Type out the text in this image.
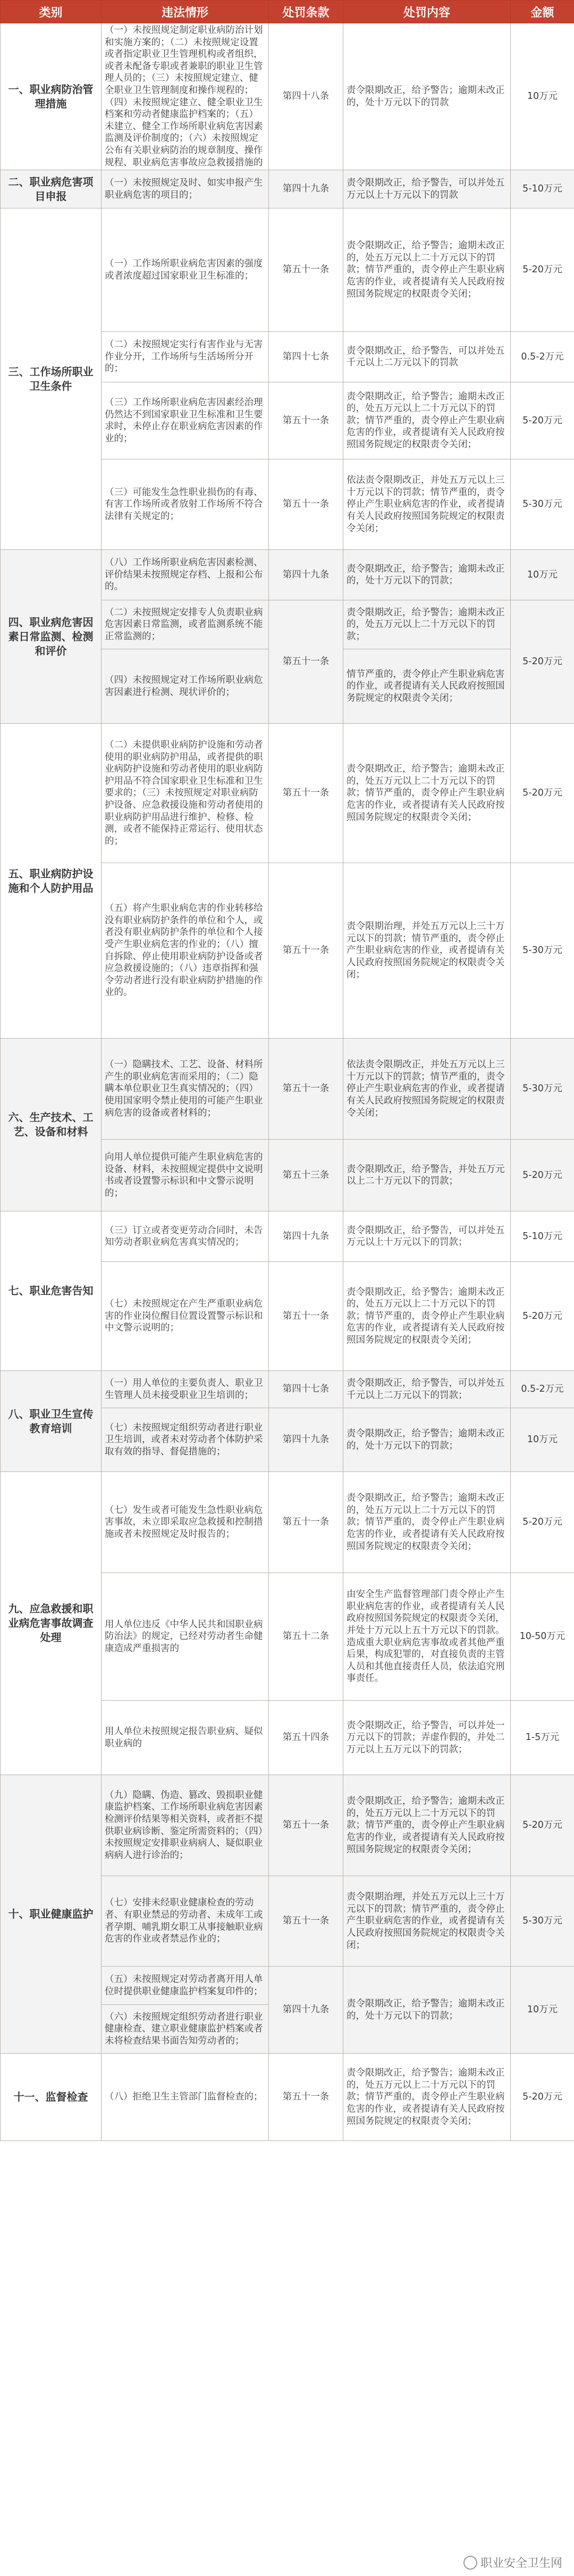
类别	违法情形	处罚条款	处罚内容	金额
一、职业病防治管理措施	（一）未按照规定制定职业病防治计划和实施方案的；（二）未按照规定设置或者指定职业卫生管理机构或者组织，或者未配备专职或者兼职的职业卫生管理人员的；（三）未按照规定建立、健全职业卫生管理制度和操作规程的；（四）未按照规定建立、健全职业卫生档案和劳动者健康监护档案的；（五）未建立、健全工作场所职业病危害因素监测及评价制度的；（六）未按照规定公布有关职业病防治的规章制度、操作规程、职业病危害事故应急救援措施的	第四十八条	责令限期改正，给予警告；逾期未改正的，处十万元以下的罚款	10万元
二、职业病危害项目申报	（一）未按照规定及时、如实申报产生职业病危害的项目的；	第四十九条	责令限期改正，给予警告，可以并处五万元以上十万元以下的罚款	5-10万元
三、工作场所职业卫生条件	（一）工作场所职业病危害因素的强度或者浓度超过国家职业卫生标准的；	第五十一条	责令限期改正，给予警告；逾期未改正的，处五万元以上二十万元以下的罚款；情节严重的，责令停止产生职业病危害的作业，或者提请有关人民政府按照国务院规定的权限责令关闭；	5-20万元
	（二）未按照规定实行有害作业与无害作业分开，工作场所与生活场所分开的；	第四十七条	责令限期改正，给予警告，可以并处五千元以上二万元以下的罚款	0.5-2万元
	（三）工作场所职业病危害因素经治理仍然达不到国家职业卫生标准和卫生要求时，未停止存在职业病危害因素的作业的；	第五十一条	责令限期改正，给予警告；逾期未改正的，处五万元以上二十万元以下的罚款；情节严重的，责令停止产生职业病危害的作业，或者提请有关人民政府按照国务院规定的权限责令关闭；	5-20万元
	（三）可能发生急性职业损伤的有毒、有害工作场所或者放射工作场所不符合法律有关规定的；	第五十一条	依法责令限期改正，并处五万元以上三十万元以下的罚款；情节严重的，责令停止产生职业病危害的作业，或者提请有关人民政府按照国务院规定的权限责令关闭；	5-30万元
四、职业病危害因素日常监测、检测和评价	（八）工作场所职业病危害因素检测、评价结果未按照规定存档、上报和公布的。	第四十九条	责令限期改正，给予警告；逾期未改正的，处十万元以下的罚款；	10万元
	（二）未按照规定安排专人负责职业病危害因素日常监测，或者监测系统不能正常监测的；	第五十一条	责令限期改正，给予警告；逾期未改正的，处五万元以上二十万元以下的罚款；	5-20万元
	（四）未按照规定对工作场所职业病危害因素进行检测、现状评价的；		情节严重的，责令停止产生职业病危害的作业，或者提请有关人民政府按照国务院规定的权限责令关闭；	
五、职业病防护设施和个人防护用品	（二）未提供职业病防护设施和劳动者使用的职业病防护用品，或者提供的职业病防护设施和劳动者使用的职业病防护用品不符合国家职业卫生标准和卫生要求的；（三）未按照规定对职业病防护设备、应急救援设施和劳动者使用的职业病防护用品进行维护、检修、检测，或者不能保持正常运行、使用状态的；	第五十一条	责令限期改正，给予警告；逾期未改正的，处五万元以上二十万元以下的罚款；情节严重的，责令停止产生职业病危害的作业，或者提请有关人民政府按照国务院规定的权限责令关闭；	5-20万元
	（五）将产生职业病危害的作业转移给没有职业病防护条件的单位和个人，或者没有职业病防护条件的单位和个人接受产生职业病危害的作业的；（八）擅自拆除、停止使用职业病防护设备或者应急救援设施的；（八）违章指挥和强令劳动者进行没有职业病防护措施的作业的。	第五十一条	责令限期治理，并处五万元以上三十万元以下的罚款；情节严重的，责令停止产生职业病危害的作业，或者提请有关人民政府按照国务院规定的权限责令关闭；	5-30万元
六、生产技术、工艺、设备和材料	（一）隐瞒技术、工艺、设备、材料所产生的职业病危害而采用的；（二）隐瞒本单位职业卫生真实情况的；（四）使用国家明令禁止使用的可能产生职业病危害的设备或者材料的；	第五十一条	依法责令限期改正，并处五万元以上三十万元以下的罚款；情节严重的，责令停止产生职业病危害的作业，或者提请有关人民政府按照国务院规定的权限责令关闭；	5-30万元
	向用人单位提供可能产生职业病危害的设备、材料，未按照规定提供中文说明书或者设置警示标识和中文警示说明的；	第五十三条	责令限期改正，给予警告，并处五万元以上二十万元以下的罚款；	5-20万元
七、职业危害告知	（三）订立或者变更劳动合同时，未告知劳动者职业病危害真实情况的；	第四十九条	责令限期改正，给予警告，可以并处五万元以上十万元以下的罚款；	5-10万元
	（七）未按照规定在产生严重职业病危害的作业岗位醒目位置设置警示标识和中文警示说明的；	第五十一条	责令限期改正，给予警告；逾期未改正的，处五万元以上二十万元以下的罚款；情节严重的，责令停止产生职业病危害的作业，或者提请有关人民政府按照国务院规定的权限责令关闭；	5-20万元
八、职业卫生宣传教育培训	（一）用人单位的主要负责人、职业卫生管理人员未接受职业卫生培训的；	第四十七条	责令限期改正，给予警告，可以并处五千元以上二万元以下的罚款；	0.5-2万元
	（七）未按照规定组织劳动者进行职业卫生培训，或者未对劳动者个体防护采取有效的指导、督促措施的；	第四十九条	责令限期改正，给予警告；逾期未改正的，处十万元以下的罚款；	10万元
九、应急救援和职业病危害事故调查处理	（七）发生或者可能发生急性职业病危害事故，未立即采取应急救援和控制措施或者未按照规定及时报告的；	第五十一条	责令限期改正，给予警告；逾期未改正的，处五万元以上二十万元以下的罚款；情节严重的，责令停止产生职业病危害的作业，或者提请有关人民政府按照国务院规定的权限责令关闭；	5-20万元
	用人单位违反《中华人民共和国职业病防治法》的规定，已经对劳动者生命健康造成严重损害的	第五十二条	由安全生产监督管理部门责令停止产生职业病危害的作业，或者提请有关人民政府按照国务院规定的权限责令关闭，并处十万元以上五十万元以下的罚款。造成重大职业病危害事故或者其他严重后果，构成犯罪的，对直接负责的主管人员和其他直接责任人员，依法追究刑事责任。	10-50万元
	用人单位未按照规定报告职业病、疑似职业病的	第五十四条	责令限期改正，给予警告，可以并处一万元以下的罚款；弄虚作假的，并处二万元以上五万元以下的罚款；	1-5万元
十、职业健康监护	（九）隐瞒、伪造、篡改、毁损职业健康监护档案、工作场所职业病危害因素检测评价结果等相关资料，或者拒不提供职业病诊断、鉴定所需资料的；（四）未按照规定安排职业病病人、疑似职业病病人进行诊治的；	第五十一条	责令限期改正，给予警告；逾期未改正的，处五万元以上二十万元以下的罚款；情节严重的，责令停止产生职业病危害的作业，或者提请有关人民政府按照国务院规定的权限责令关闭；	5-20万元
	（七）安排未经职业健康检查的劳动者、有职业禁忌的劳动者、未成年工或者孕期、哺乳期女职工从事接触职业病危害的作业或者禁忌作业的；	第五十一条	责令限期治理，并处五万元以上三十万元以下的罚款；情节严重的，责令停止产生职业病危害的作业，或者提请有关人民政府按照国务院规定的权限责令关闭；	5-30万元
	（五）未按照规定对劳动者离开用人单位时提供职业健康监护档案复印件的；	第四十九条	责令限期改正，给予警告；逾期未改正的，处十万元以下的罚款；	10万元
	（六）未按照规定组织劳动者进行职业健康检查、建立职业健康监护档案或者未将检查结果书面告知劳动者的；			
十一、监督检查	（八）拒绝卫生主管部门监督检查的；	第五十一条	责令限期改正，给予警告；逾期未改正的，处五万元以上二十万元以下的罚款；情节严重的，责令停止产生职业病危害的作业，或者提请有关人民政府按照国务院规定的权限责令关闭；	5-20万元
职业安全卫生网
